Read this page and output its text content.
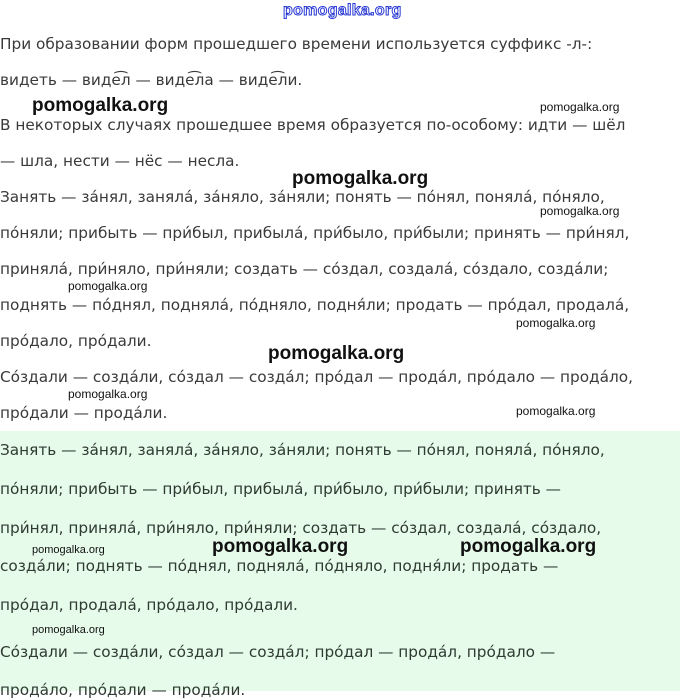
pomogalka.org
При образовании форм прошедшего времени используется суффикс -л-:
видеть — виде͡л — виде͡ла — виде͡ли.
В некоторых случаях прошедшее время образуется по-особому: идти — шёл
— шла, нести — нёс — несла.
Занять — за́нял, заняла́, за́няло, за́няли; понять — по́нял, поняла́, по́няло,
по́няли; прибыть — при́был, прибыла́, при́было, при́были; принять — при́нял,
приняла́, при́няло, при́няли; создать — со́здал, создала́, со́здало, созда́ли;
поднять — по́днял, подняла́, по́дняло, подня́ли; продать — про́дал, продала́,
про́дало, про́дали.
Со́здали — созда́ли, со́здал — созда́л; про́дал — прода́л, про́дало — прода́ло,
про́дали — прода́ли.
Занять — за́нял, заняла́, за́няло, за́няли; понять — по́нял, поняла́, по́няло,
по́няли; прибыть — при́был, прибыла́, при́было, при́были; принять —
при́нял, приняла́, при́няло, при́няли; создать — со́здал, создала́, со́здало,
созда́ли; поднять — по́днял, подняла́, по́дняло, подня́ли; продать —
про́дал, продала́, про́дало, про́дали.
Со́здали — созда́ли, со́здал — созда́л; про́дал — прода́л, про́дало —
прода́ло, про́дали — прода́ли.
pomogalka.org	pomogalka.org
pomogalka.org
pomogalka.org
pomogalka.org
pomogalka.org
pomogalka.org
pomogalka.org
pomogalka.org
pomogalka.org	pomogalka.org	pomogalka.org
pomogalka.org
